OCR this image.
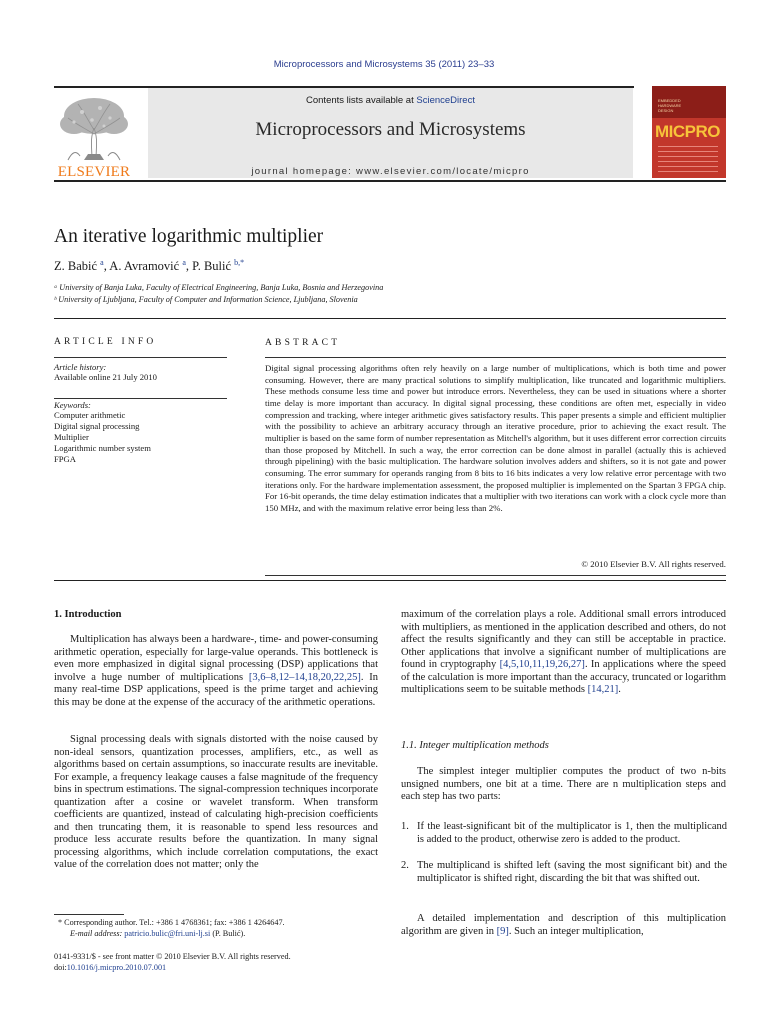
Microprocessors and Microsystems 35 (2011) 23–33
ELSEVIER
Contents lists available at ScienceDirect
Microprocessors and Microsystems
journal homepage: www.elsevier.com/locate/micpro
EMBEDDED HARDWARE DESIGN
MICPRO
An iterative logarithmic multiplier
Z. Babić $^a$, A. Avramović $^a$, P. Bulić $^{b,*}$
ᵃ University of Banja Luka, Faculty of Electrical Engineering, Banja Luka, Bosnia and Herzegovina
ᵇ University of Ljubljana, Faculty of Computer and Information Science, Ljubljana, Slovenia
ARTICLE INFO
Article history:
Available online 21 July 2010
Keywords:
Computer arithmetic
Digital signal processing
Multiplier
Logarithmic number system
FPGA
ABSTRACT
Digital signal processing algorithms often rely heavily on a large number of multiplications, which is both time and power consuming. However, there are many practical solutions to simplify multiplication, like truncated and logarithmic multipliers. These methods consume less time and power but introduce errors. Nevertheless, they can be used in situations where a shorter time delay is more important than accuracy. In digital signal processing, these conditions are often met, especially in video compression and tracking, where integer arithmetic gives satisfactory results. This paper presents a simple and efficient multiplier with the possibility to achieve an arbitrary accuracy through an iterative procedure, prior to achieving the exact result. The multiplier is based on the same form of number representation as Mitchell's algorithm, but it uses different error correction circuits than those proposed by Mitchell. In such a way, the error correction can be done almost in parallel (actually this is achieved through pipelining) with the basic multiplication. The hardware solution involves adders and shifters, so it is not gate and power consuming. The error summary for operands ranging from 8 bits to 16 bits indicates a very low relative error percentage with two iterations only. For the hardware implementation assessment, the proposed multiplier is implemented on the Spartan 3 FPGA chip. For 16-bit operands, the time delay estimation indicates that a multiplier with two iterations can work with a clock cycle more than 150 MHz, and with the maximum relative error being less than 2%.
© 2010 Elsevier B.V. All rights reserved.
1. Introduction
Multiplication has always been a hardware-, time- and power-consuming arithmetic operation, especially for large-value operands. This bottleneck is even more emphasized in digital signal processing (DSP) applications that involve a huge number of multiplications [3,6–8,12–14,18,20,22,25]. In many real-time DSP applications, speed is the prime target and achieving this may be done at the expense of the accuracy of the arithmetic operations.
Signal processing deals with signals distorted with the noise caused by non-ideal sensors, quantization processes, amplifiers, etc., as well as algorithms based on certain assumptions, so inaccurate results are inevitable. For example, a frequency leakage causes a false magnitude of the frequency bins in spectrum estimations. The signal-compression techniques incorporate quantization after a cosine or wavelet transform. When transform coefficients are quantized, instead of calculating high-precision coefficients and then truncating them, it is reasonable to spend less resources and produce less accurate results before the quantization. In many signal processing algorithms, which include correlation computations, the exact value of the correlation does not matter; only the
* Corresponding author. Tel.: +386 1 4768361; fax: +386 1 4264647.
E-mail address: patricio.bulic@fri.uni-lj.si (P. Bulić).
0141-9331/$ - see front matter © 2010 Elsevier B.V. All rights reserved.
doi:10.1016/j.micpro.2010.07.001
maximum of the correlation plays a role. Additional small errors introduced with multipliers, as mentioned in the application described and others, do not affect the results significantly and they can still be acceptable in practice. Other applications that involve a significant number of multiplications are found in cryptography [4,5,10,11,19,26,27]. In applications where the speed of the calculation is more important than the accuracy, truncated or logarithm multiplications seem to be suitable methods [14,21].
1.1. Integer multiplication methods
The simplest integer multiplier computes the product of two n-bits unsigned numbers, one bit at a time. There are n multiplication steps and each step has two parts:
1. If the least-significant bit of the multiplicator is 1, then the multiplicand is added to the product, otherwise zero is added to the product.
2. The multiplicand is shifted left (saving the most significant bit) and the multiplicator is shifted right, discarding the bit that was shifted out.
A detailed implementation and description of this multiplication algorithm are given in [9]. Such an integer multiplication,
